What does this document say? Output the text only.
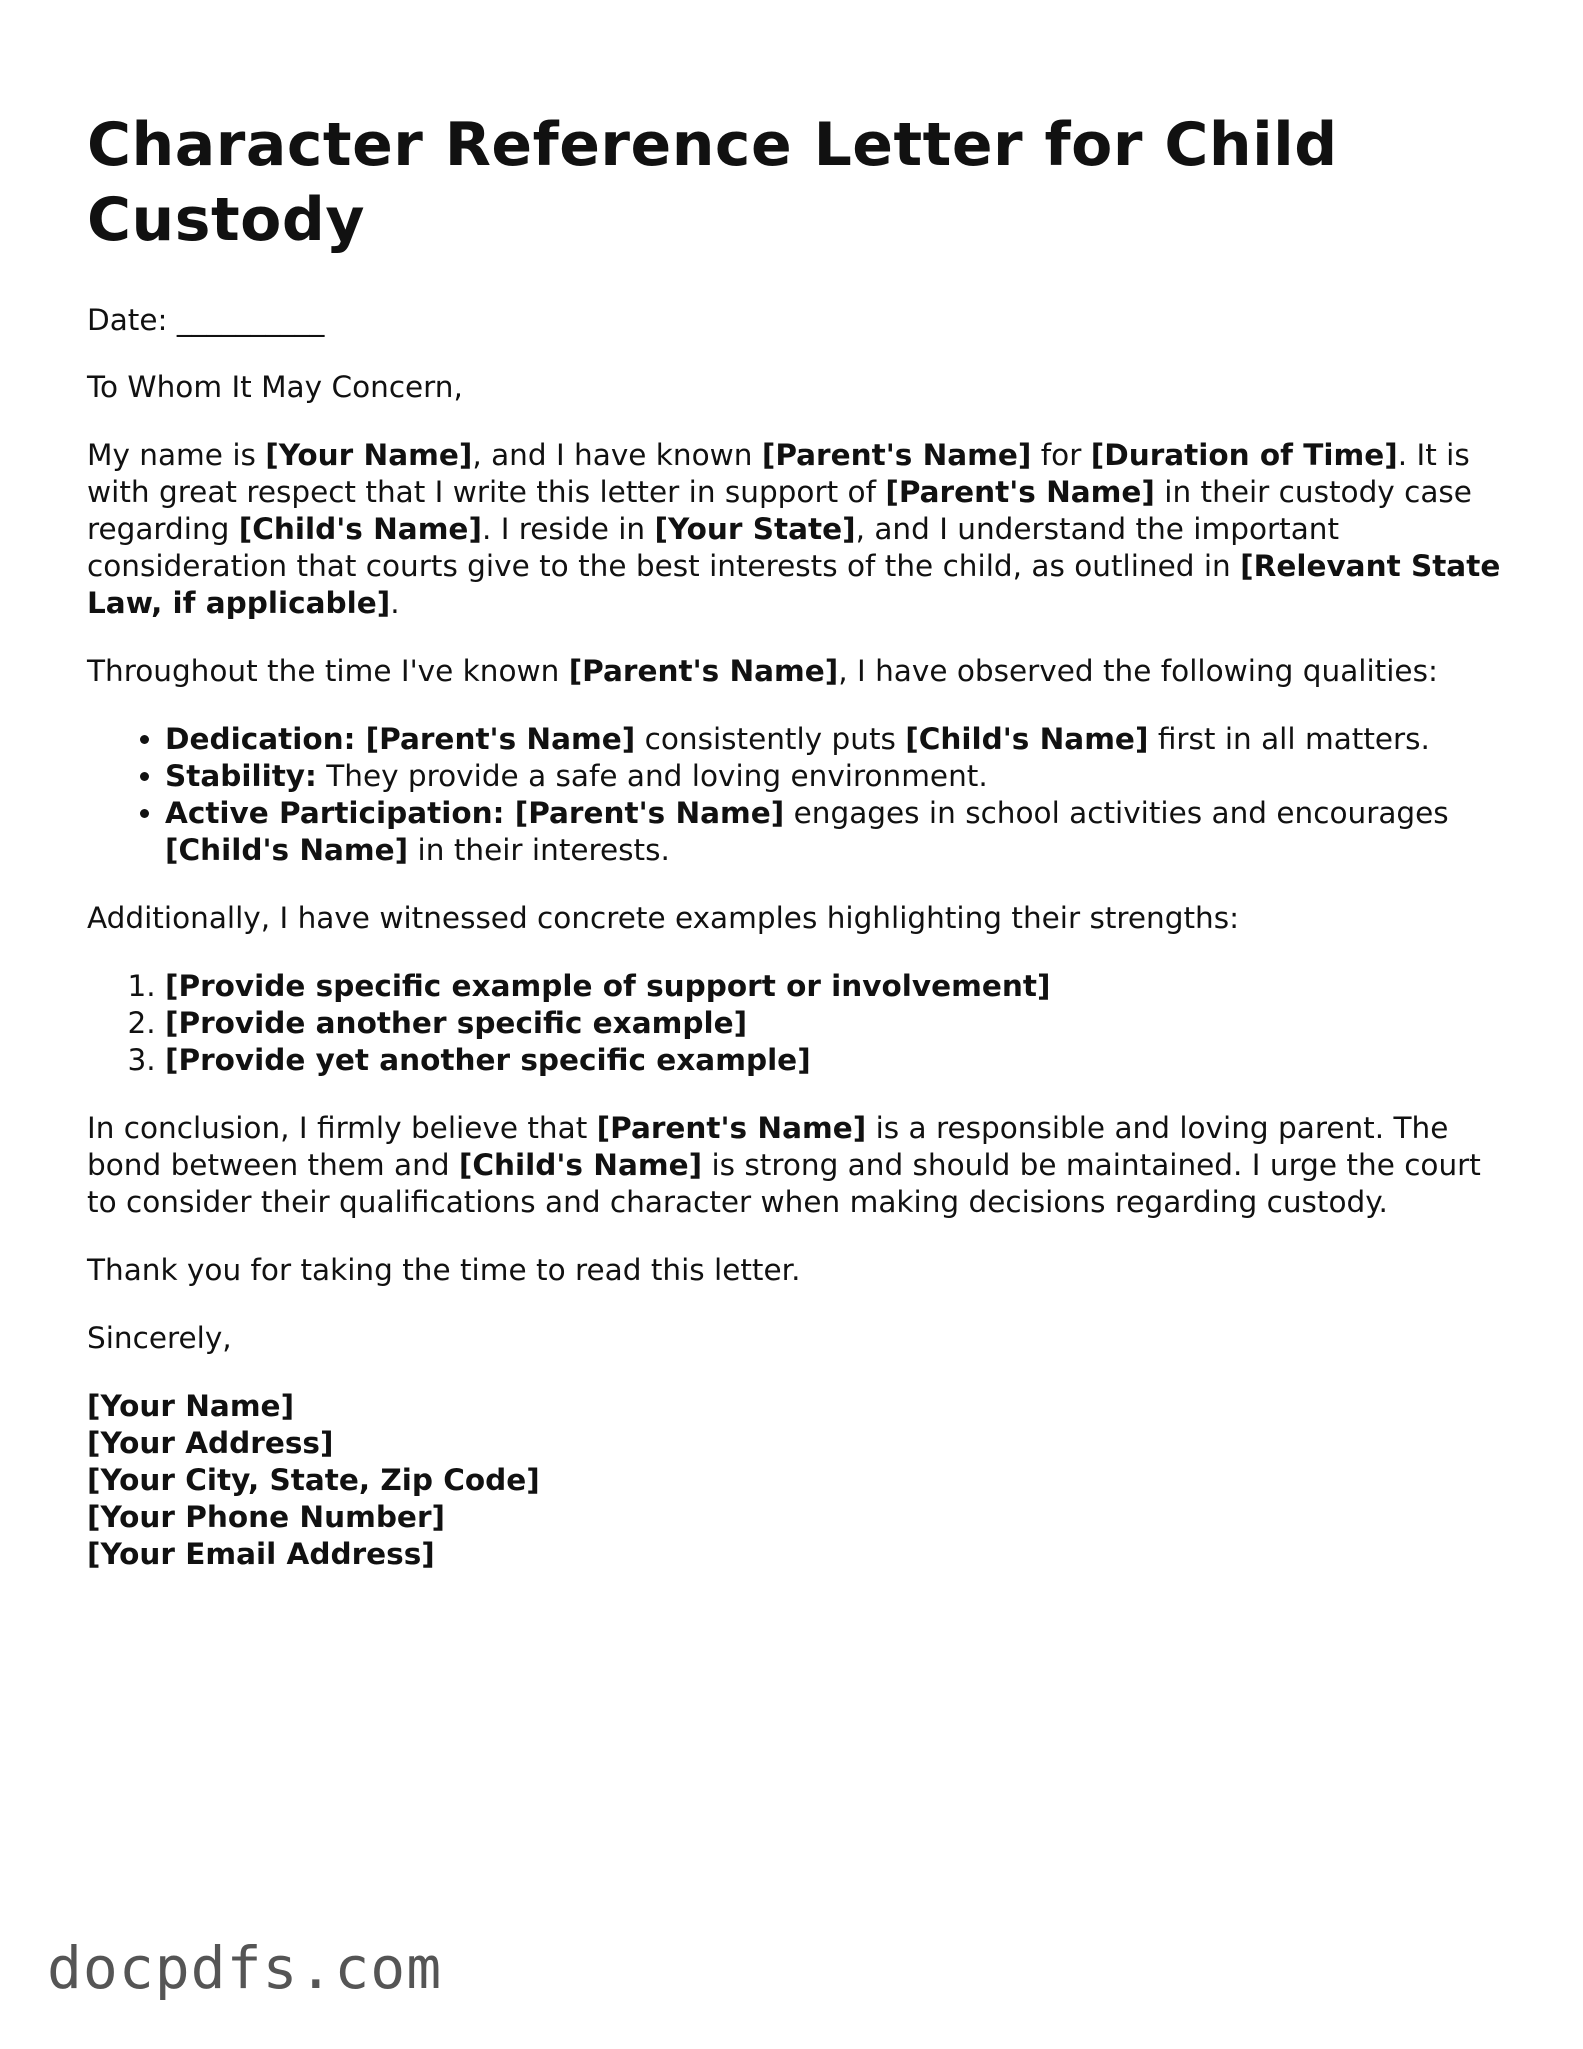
Character Reference Letter for Child Custody

Date: __________

To Whom It May Concern,

My name is [Your Name], and I have known [Parent's Name] for [Duration of Time]. It is with great respect that I write this letter in support of [Parent's Name] in their custody case regarding [Child's Name]. I reside in [Your State], and I understand the important consideration that courts give to the best interests of the child, as outlined in [Relevant State Law, if applicable].

Throughout the time I've known [Parent's Name], I have observed the following qualities:

• Dedication: [Parent's Name] consistently puts [Child's Name] first in all matters.
• Stability: They provide a safe and loving environment.
• Active Participation: [Parent's Name] engages in school activities and encourages [Child's Name] in their interests.

Additionally, I have witnessed concrete examples highlighting their strengths:

1. [Provide specific example of support or involvement]
2. [Provide another specific example]
3. [Provide yet another specific example]

In conclusion, I firmly believe that [Parent's Name] is a responsible and loving parent. The bond between them and [Child's Name] is strong and should be maintained. I urge the court to consider their qualifications and character when making decisions regarding custody.

Thank you for taking the time to read this letter.

Sincerely,

[Your Name]
[Your Address]
[Your City, State, Zip Code]
[Your Phone Number]
[Your Email Address]

docpdfs.com
